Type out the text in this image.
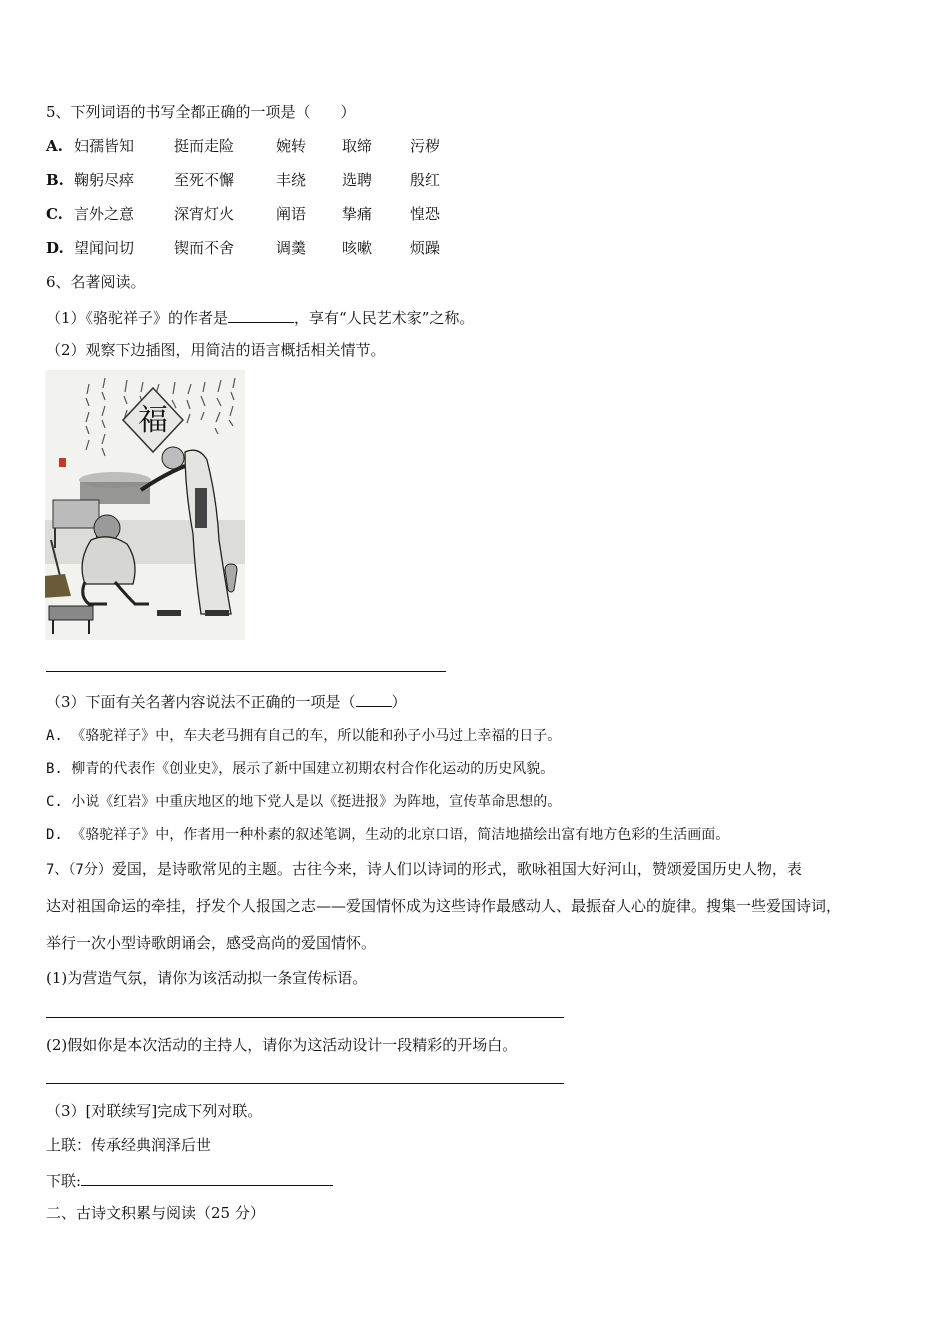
5、下列词语的书写全都正确的一项是（　　）
A. 妇孺皆知	挺而走险	婉转 取缔	污秽
B. 鞠躬尽瘁	至死不懈	丰绕 选聘	殷红
C. 言外之意	深宵灯火	阐语 挚痛	惶恐
D. 望闻问切	锲而不舍	调羹 咳嗽	烦躁
6、名著阅读。
（1）《骆驼祥子》的作者是	，享有“人民艺术家”之称。
（2）观察下边插图，用简洁的语言概括相关情节。
福
（3）下面有关名著内容说法不正确的一项是（ ）
A. 《骆驼祥子》中，车夫老马拥有自己的车，所以能和孙子小马过上幸福的日子。
B. 柳青的代表作《创业史》，展示了新中国建立初期农村合作化运动的历史风貌。
C. 小说《红岩》中重庆地区的地下党人是以《挺进报》为阵地，宣传革命思想的。
D. 《骆驼祥子》中，作者用一种朴素的叙述笔调，生动的北京口语，简洁地描绘出富有地方色彩的生活画面。
7、（7分）爱国，是诗歌常见的主题。古往今来，诗人们以诗词的形式，歌咏祖国大好河山，赞颂爱国历史人物，表
达对祖国命运的牵挂，抒发个人报国之志——爱国情怀成为这些诗作最感动人、最振奋人心的旋律。搜集一些爱国诗词，
举行一次小型诗歌朗诵会，感受高尚的爱国情怀。
(1)为营造气氛，请你为该活动拟一条宣传标语。
(2)假如你是本次活动的主持人，请你为这活动设计一段精彩的开场白。
（3）[对联续写]完成下列对联。
上联：传承经典润泽后世
下联:
二、古诗文积累与阅读（25 分）
